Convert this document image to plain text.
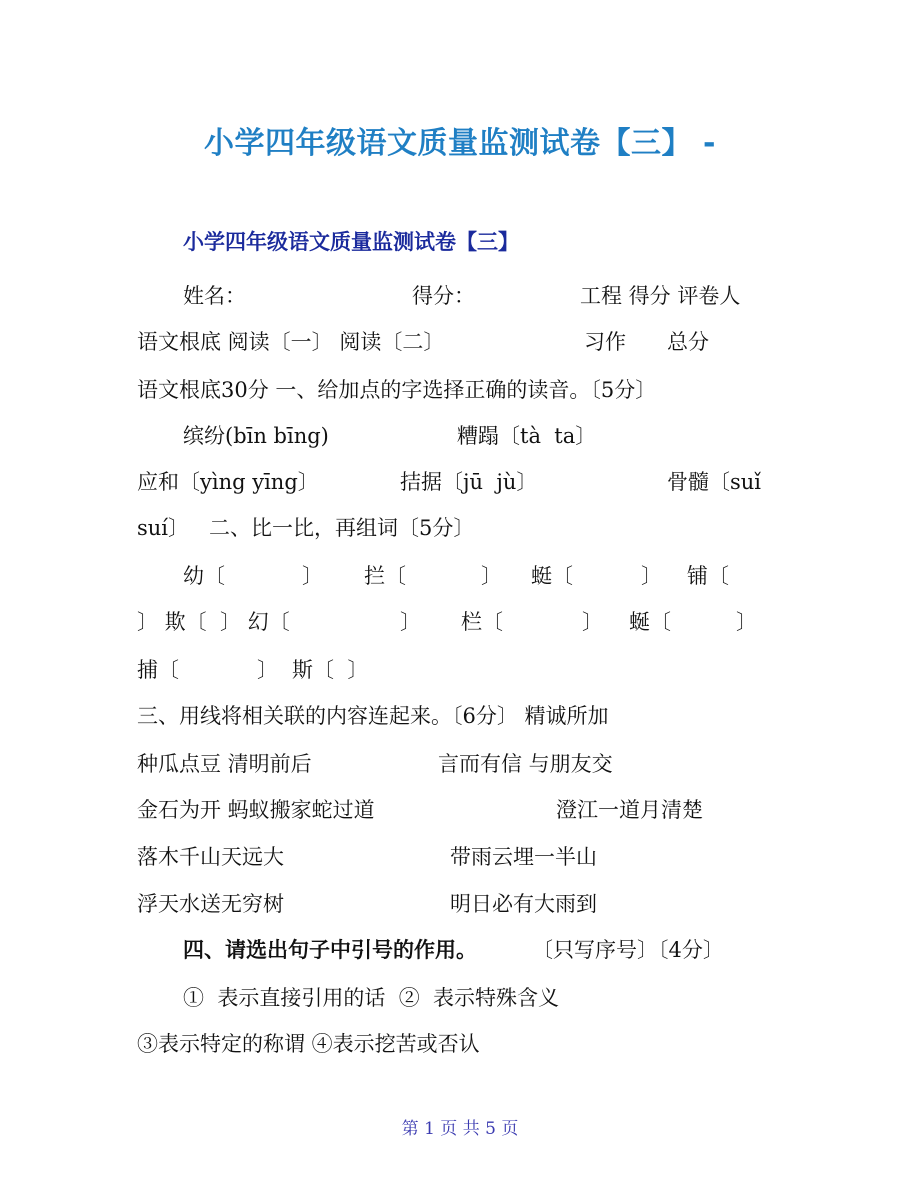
小学四年级语文质量监测试卷【三】 -
小学四年级语文质量监测试卷【三】
姓名：	得分：	工程 得分 评卷人
语文根底 阅读〔一〕 阅读〔二〕	习作 总分
语文根底30分 一、给加点的字选择正确的读音。〔5分〕
缤纷(bīn bīng)	糟蹋〔tà  ta〕
应和〔yìng yīng〕	拮据〔jū  jù〕	骨髓〔suǐ
suí〕   二、比一比，再组词〔5分〕
幼〔	〕 拦〔	〕 蜓〔	〕 铺〔
〕 欺〔  〕 幻〔	〕 栏〔	〕 蜒〔	〕
捕〔	〕 斯〔  〕
三、用线将相关联的内容连起来。〔6分〕 精诚所加
种瓜点豆 清明前后	言而有信 与朋友交
金石为开 蚂蚁搬家蛇过道	澄江一道月清楚
落木千山天远大	带雨云埋一半山
浮天水送无穷树	明日必有大雨到
四、请选出句子中引号的作用。	〔只写序号〕〔4分〕
①  表示直接引用的话  ②  表示特殊含义
③表示特定的称谓 ④表示挖苦或否认
第 1 页 共 5 页
